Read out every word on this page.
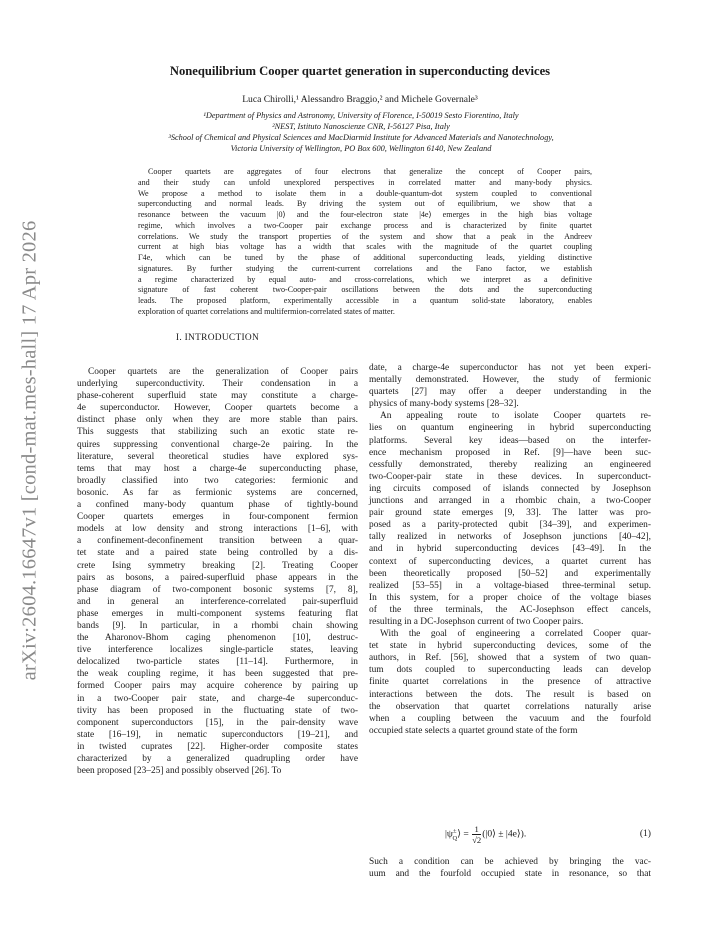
arXiv:2604.16647v1 [cond-mat.mes-hall] 17 Apr 2026
Nonequilibrium Cooper quartet generation in superconducting devices
Luca Chirolli,¹ Alessandro Braggio,² and Michele Governale³
¹Department of Physics and Astronomy, University of Florence, I-50019 Sesto Fiorentino, Italy
²NEST, Istituto Nanoscienze CNR, I-56127 Pisa, Italy
³School of Chemical and Physical Sciences and MacDiarmid Institute for Advanced Materials and Nanotechnology,
Victoria University of Wellington, PO Box 600, Wellington 6140, New Zealand
Cooper quartets are aggregates of four electrons that generalize the concept of Cooper pairs,
and their study can unfold unexplored perspectives in correlated matter and many-body physics.
We propose a method to isolate them in a double-quantum-dot system coupled to conventional
superconducting and normal leads. By driving the system out of equilibrium, we show that a
resonance between the vacuum |0⟩ and the four-electron state |4e⟩ emerges in the high bias voltage
regime, which involves a two-Cooper pair exchange process and is characterized by finite quartet
correlations. We study the transport properties of the system and show that a peak in the Andreev
current at high bias voltage has a width that scales with the magnitude of the quartet coupling
Γ4e, which can be tuned by the phase of additional superconducting leads, yielding distinctive
signatures. By further studying the current-current correlations and the Fano factor, we establish
a regime characterized by equal auto- and cross-correlations, which we interpret as a definitive
signature of fast coherent two-Cooper-pair oscillations between the dots and the superconducting
leads. The proposed platform, experimentally accessible in a quantum solid-state laboratory, enables
exploration of quartet correlations and multifermion-correlated states of matter.
I. INTRODUCTION
Cooper quartets are the generalization of Cooper pairs
underlying superconductivity. Their condensation in a
phase-coherent superfluid state may constitute a charge-
4e superconductor. However, Cooper quartets become a
distinct phase only when they are more stable than pairs.
This suggests that stabilizing such an exotic state re-
quires suppressing conventional charge-2e pairing. In the
literature, several theoretical studies have explored sys-
tems that may host a charge-4e superconducting phase,
broadly classified into two categories: fermionic and
bosonic. As far as fermionic systems are concerned,
a confined many-body quantum phase of tightly-bound
Cooper quartets emerges in four-component fermion
models at low density and strong interactions [1–6], with
a confinement-deconfinement transition between a quar-
tet state and a paired state being controlled by a dis-
crete Ising symmetry breaking [2]. Treating Cooper
pairs as bosons, a paired-superfluid phase appears in the
phase diagram of two-component bosonic systems [7, 8],
and in general an interference-correlated pair-superfluid
phase emerges in multi-component systems featuring flat
bands [9]. In particular, in a rhombi chain showing
the Aharonov-Bhom caging phenomenon [10], destruc-
tive interference localizes single-particle states, leaving
delocalized two-particle states [11–14]. Furthermore, in
the weak coupling regime, it has been suggested that pre-
formed Cooper pairs may acquire coherence by pairing up
in a two-Cooper pair state, and charge-4e superconduc-
tivity has been proposed in the fluctuating state of two-
component superconductors [15], in the pair-density wave
state [16–19], in nematic superconductors [19–21], and
in twisted cuprates [22]. Higher-order composite states
characterized by a generalized quadrupling order have
been proposed [23–25] and possibly observed [26]. To
date, a charge-4e superconductor has not yet been experi-
mentally demonstrated. However, the study of fermionic
quartets [27] may offer a deeper understanding in the
physics of many-body systems [28–32].
An appealing route to isolate Cooper quartets re-
lies on quantum engineering in hybrid superconducting
platforms. Several key ideas—based on the interfer-
ence mechanism proposed in Ref. [9]—have been suc-
cessfully demonstrated, thereby realizing an engineered
two-Cooper-pair state in these devices. In superconduct-
ing circuits composed of islands connected by Josephson
junctions and arranged in a rhombic chain, a two-Cooper
pair ground state emerges [9, 33]. The latter was pro-
posed as a parity-protected qubit [34–39], and experimen-
tally realized in networks of Josephson junctions [40–42],
and in hybrid superconducting devices [43–49]. In the
context of superconducting devices, a quartet current has
been theoretically proposed [50–52] and experimentally
realized [53–55] in a voltage-biased three-terminal setup.
In this system, for a proper choice of the voltage biases
of the three terminals, the AC-Josephson effect cancels,
resulting in a DC-Josephson current of two Cooper pairs.
With the goal of engineering a correlated Cooper quar-
tet state in hybrid superconducting devices, some of the
authors, in Ref. [56], showed that a system of two quan-
tum dots coupled to superconducting leads can develop
finite quartet correlations in the presence of attractive
interactions between the dots. The result is based on
the observation that quartet correlations naturally arise
when a coupling between the vacuum and the fourfold
occupied state selects a quartet ground state of the form
$|\psi^\pm_Q⟩ = \frac{1}{√2}$ (|0⟩ ± |4e⟩).	(1)
Such a condition can be achieved by bringing the vac-
uum and the fourfold occupied state in resonance, so that
